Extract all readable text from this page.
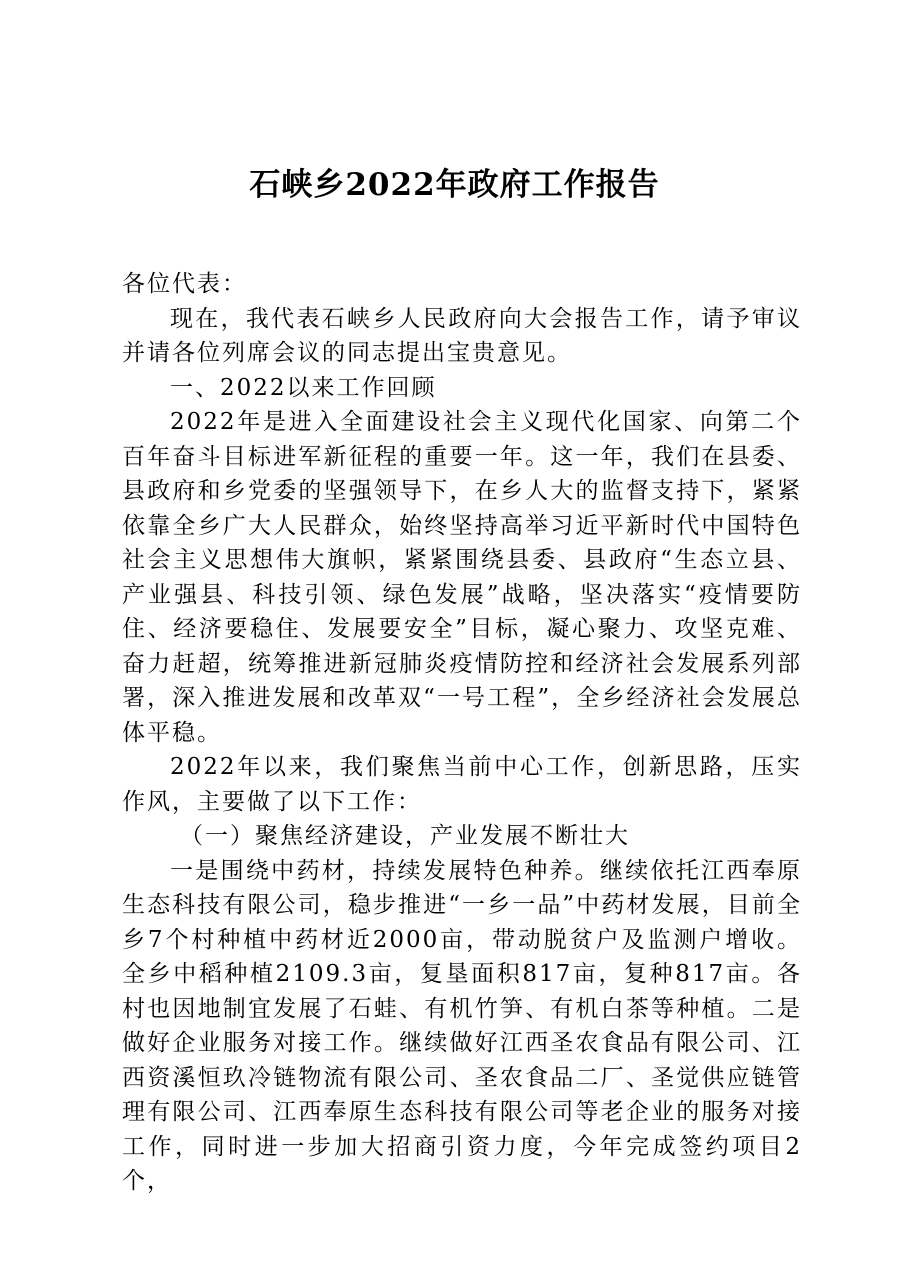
石峡乡2022年政府工作报告

各位代表：

现在，我代表石峡乡人民政府向大会报告工作，请予审议并请各位列席会议的同志提出宝贵意见。

一、2022以来工作回顾

2022年是进入全面建设社会主义现代化国家、向第二个百年奋斗目标进军新征程的重要一年。这一年，我们在县委、县政府和乡党委的坚强领导下，在乡人大的监督支持下，紧紧依靠全乡广大人民群众，始终坚持高举习近平新时代中国特色社会主义思想伟大旗帜，紧紧围绕县委、县政府“生态立县、产业强县、科技引领、绿色发展”战略，坚决落实“疫情要防住、经济要稳住、发展要安全”目标，凝心聚力、攻坚克难、奋力赶超，统筹推进新冠肺炎疫情防控和经济社会发展系列部署，深入推进发展和改革双“一号工程”，全乡经济社会发展总体平稳。

2022年以来，我们聚焦当前中心工作，创新思路，压实作风，主要做了以下工作：

（一）聚焦经济建设，产业发展不断壮大

一是围绕中药材，持续发展特色种养。继续依托江西奉原生态科技有限公司，稳步推进“一乡一品”中药材发展，目前全乡7个村种植中药材近2000亩，带动脱贫户及监测户增收。全乡中稻种植2109.3亩，复垦面积817亩，复种817亩。各村也因地制宜发展了石蛙、有机竹笋、有机白茶等种植。二是做好企业服务对接工作。继续做好江西圣农食品有限公司、江西资溪恒玖冷链物流有限公司、圣农食品二厂、圣觉供应链管理有限公司、江西奉原生态科技有限公司等老企业的服务对接工作，同时进一步加大招商引资力度，今年完成签约项目2个，
